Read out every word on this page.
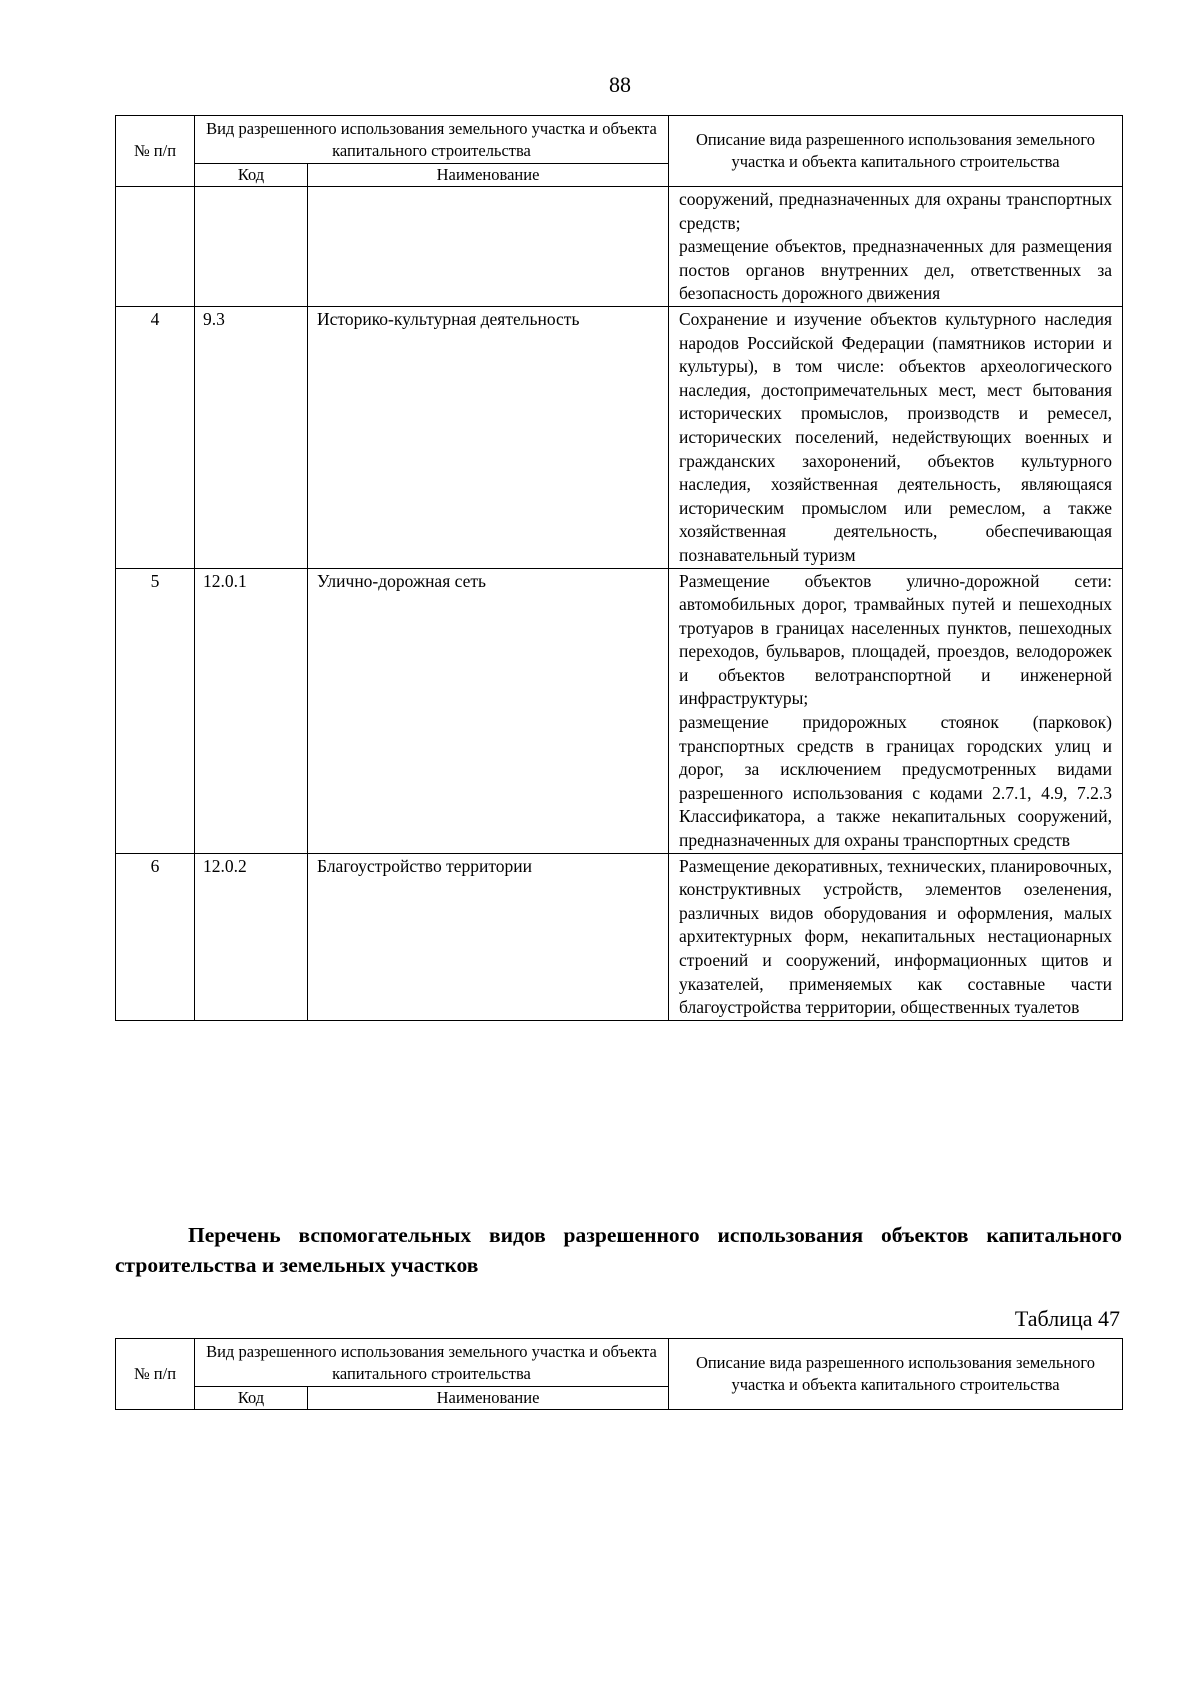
88
№ п/п	Вид разрешенного использования земельного участка и объекта капитального строительства		Описание вида разрешенного использования земельного участка и объекта капитального строительства
	Код	Наименование	

			сооружений, предназначенных для охраны транспортных средств;

размещение объектов, предназначенных для размещения постов органов внутренних дел, ответственных за безопасность дорожного движения

4	9.3	Историко-культурная деятельность	Сохранение и изучение объектов культурного наследия народов Российской Федерации (памятников истории и культуры), в том числе: объектов археологического наследия, достопримечательных мест, мест бытования исторических промыслов, производств и ремесел, исторических поселений, недействующих военных и гражданских захоронений, объектов культурного наследия, хозяйственная деятельность, являющаяся историческим промыслом или ремеслом, а также хозяйственная деятельность, обеспечивающая познавательный туризм

5	12.0.1	Улично-дорожная сеть	Размещение объектов улично-дорожной сети: автомобильных дорог, трамвайных путей и пешеходных тротуаров в границах населенных пунктов, пешеходных переходов, бульваров, площадей, проездов, велодорожек и объектов велотранспортной и инженерной инфраструктуры;

размещение придорожных стоянок (парковок) транспортных средств в границах городских улиц и дорог, за исключением предусмотренных видами разрешенного использования с кодами 2.7.1, 4.9, 7.2.3 Классификатора, а также некапитальных сооружений, предназначенных для охраны транспортных средств

6	12.0.2	Благоустройство территории	Размещение декоративных, технических, планировочных, конструктивных устройств, элементов озеленения, различных видов оборудования и оформления, малых архитектурных форм, некапитальных нестационарных строений и сооружений, информационных щитов и указателей, применяемых как составные части благоустройства территории, общественных туалетов

Перечень вспомогательных видов разрешенного использования объектов капитального строительства и земельных участков

Таблица 47
№ п/п	Вид разрешенного использования земельного участка и объекта капитального строительства		Описание вида разрешенного использования земельного участка и объекта капитального строительства
	Код	Наименование	
